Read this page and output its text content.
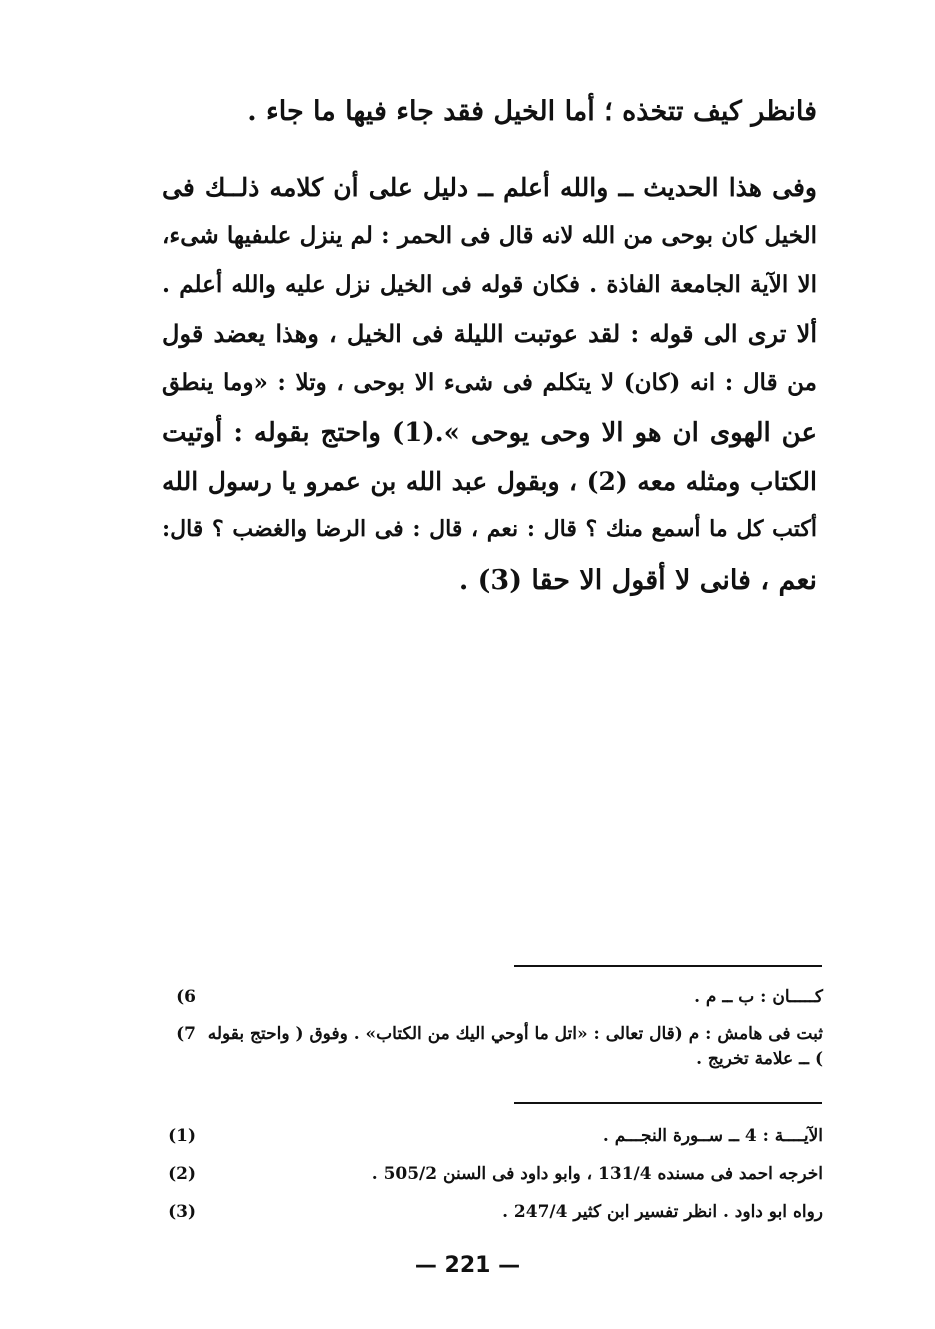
فانظر كيف تتخذه ؛ أما الخيل فقد جاء فيها ما جاء .
وفى هذا الحديث ــ والله أعلم ــ دليل على أن كلامه ذلــك فى
الخيل كان بوحى من الله لانه قال فى الحمر : لم ينزل علىفيها شىء،
الا الآية الجامعة الفاذة . فكان قوله فى الخيل نزل عليه والله أعلم .
ألا ترى الى قوله : لقد عوتبت الليلة فى الخيل ، وهذا يعضد قول
من قال : انه (كان) لا يتكلم فى شىء الا بوحى ، وتلا : «وما ينطق
عن الهوى ان هو الا وحى يوحى ».(1) واحتج بقوله : أوتيت
الكتاب ومثله معه (2) ، وبقول عبد الله بن عمرو يا رسول الله
أكتب كل ما أسمع منك ؟ قال : نعم ، قال : فى الرضا والغضب ؟ قال:
نعم ، فانى لا أقول الا حقا (3) .
6)	كـــــان : ب ــ م .
7) ثبت فى هامش : م (قال تعالى : «اتل ما أوحي اليك من الكتاب» . وفوق ( واحتج بقوله ) ــ علامة تخريج .
(1)	الآيــــة : 4 ــ ســورة النجـــم .
(2)	اخرجه احمد فى مسنده 131/4 ، وابو داود فى السنن 505/2 .
(3)	رواه ابو داود . انظر تفسير ابن كثير 247/4 .
— 221 —
